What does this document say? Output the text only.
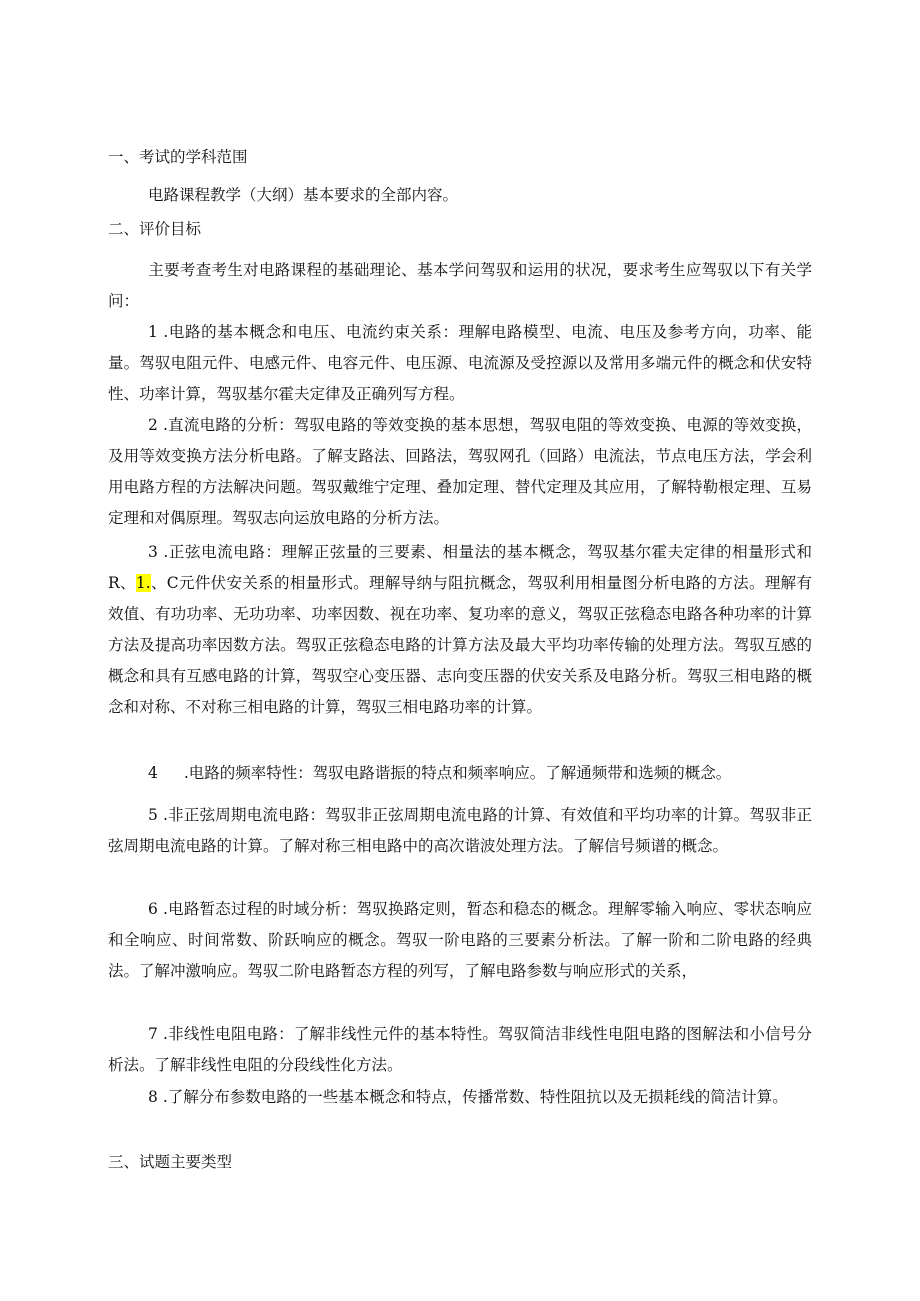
一、考试的学科范围
电路课程教学（大纲）基本要求的全部内容。
二、评价目标
主要考查考生对电路课程的基础理论、基本学问驾驭和运用的状况，要求考生应驾驭以下有关学问：
1 .电路的基本概念和电压、电流约束关系：理解电路模型、电流、电压及参考方向，功率、能量。驾驭电阻元件、电感元件、电容元件、电压源、电流源及受控源以及常用多端元件的概念和伏安特性、功率计算，驾驭基尔霍夫定律及正确列写方程。
2 .直流电路的分析：驾驭电路的等效变换的基本思想，驾驭电阻的等效变换、电源的等效变换，及用等效变换方法分析电路。了解支路法、回路法，驾驭网孔（回路）电流法，节点电压方法，学会利用电路方程的方法解决问题。驾驭戴维宁定理、叠加定理、替代定理及其应用，了解特勒根定理、互易定理和对偶原理。驾驭志向运放电路的分析方法。
3 .正弦电流电路：理解正弦量的三要素、相量法的基本概念，驾驭基尔霍夫定律的相量形式和R、1.、C元件伏安关系的相量形式。理解导纳与阻抗概念，驾驭利用相量图分析电路的方法。理解有效值、有功功率、无功功率、功率因数、视在功率、复功率的意义，驾驭正弦稳态电路各种功率的计算方法及提高功率因数方法。驾驭正弦稳态电路的计算方法及最大平均功率传输的处理方法。驾驭互感的概念和具有互感电路的计算，驾驭空心变压器、志向变压器的伏安关系及电路分析。驾驭三相电路的概念和对称、不对称三相电路的计算，驾驭三相电路功率的计算。
4 .电路的频率特性：驾驭电路谐振的特点和频率响应。了解通频带和选频的概念。
5 .非正弦周期电流电路：驾驭非正弦周期电流电路的计算、有效值和平均功率的计算。驾驭非正弦周期电流电路的计算。了解对称三相电路中的高次谐波处理方法。了解信号频谱的概念。
6 .电路暂态过程的时域分析：驾驭换路定则，暂态和稳态的概念。理解零输入响应、零状态响应和全响应、时间常数、阶跃响应的概念。驾驭一阶电路的三要素分析法。了解一阶和二阶电路的经典法。了解冲激响应。驾驭二阶电路暂态方程的列写，了解电路参数与响应形式的关系，
7 .非线性电阻电路：了解非线性元件的基本特性。驾驭简洁非线性电阻电路的图解法和小信号分析法。了解非线性电阻的分段线性化方法。
8 .了解分布参数电路的一些基本概念和特点，传播常数、特性阻抗以及无损耗线的简洁计算。
三、试题主要类型
